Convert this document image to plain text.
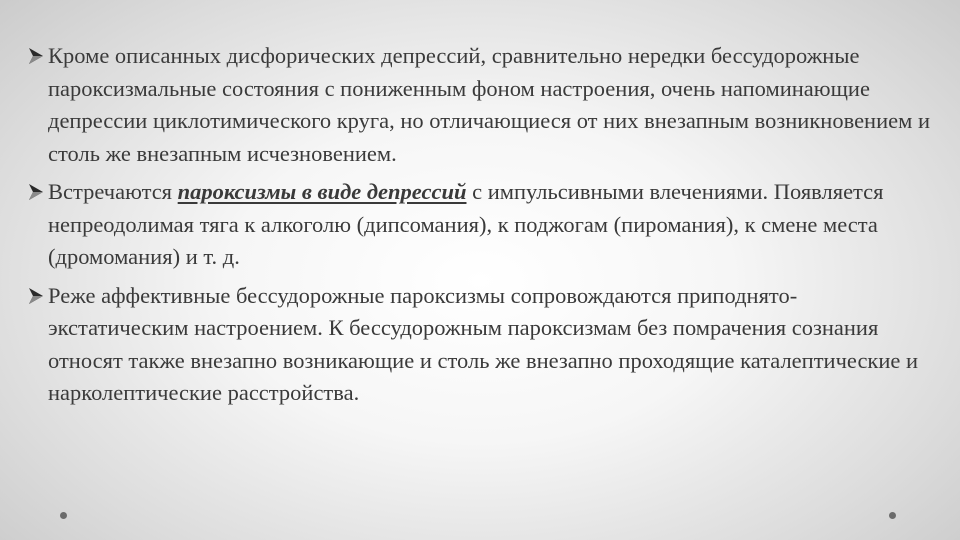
Кроме описанных дисфорических депрессий, сравнительно нередки бессудорожные пароксизмальные состояния с пониженным фоном настроения, очень напоминающие депрессии циклотимического круга, но отличающиеся от них внезапным возникновением и столь же внезапным исчезновением.
Встречаются пароксизмы в виде депрессий с импульсивными влечениями. Появляется непреодолимая тяга к алкоголю (дипсомания), к поджогам (пиромания), к смене места (дромомания) и т. д.
Реже аффективные бессудорожные пароксизмы сопровождаются приподнято-экстатическим настроением. К бессудорожным пароксизмам без помрачения сознания относят также внезапно возникающие и столь же внезапно проходящие каталептические и нарколептические расстройства.
